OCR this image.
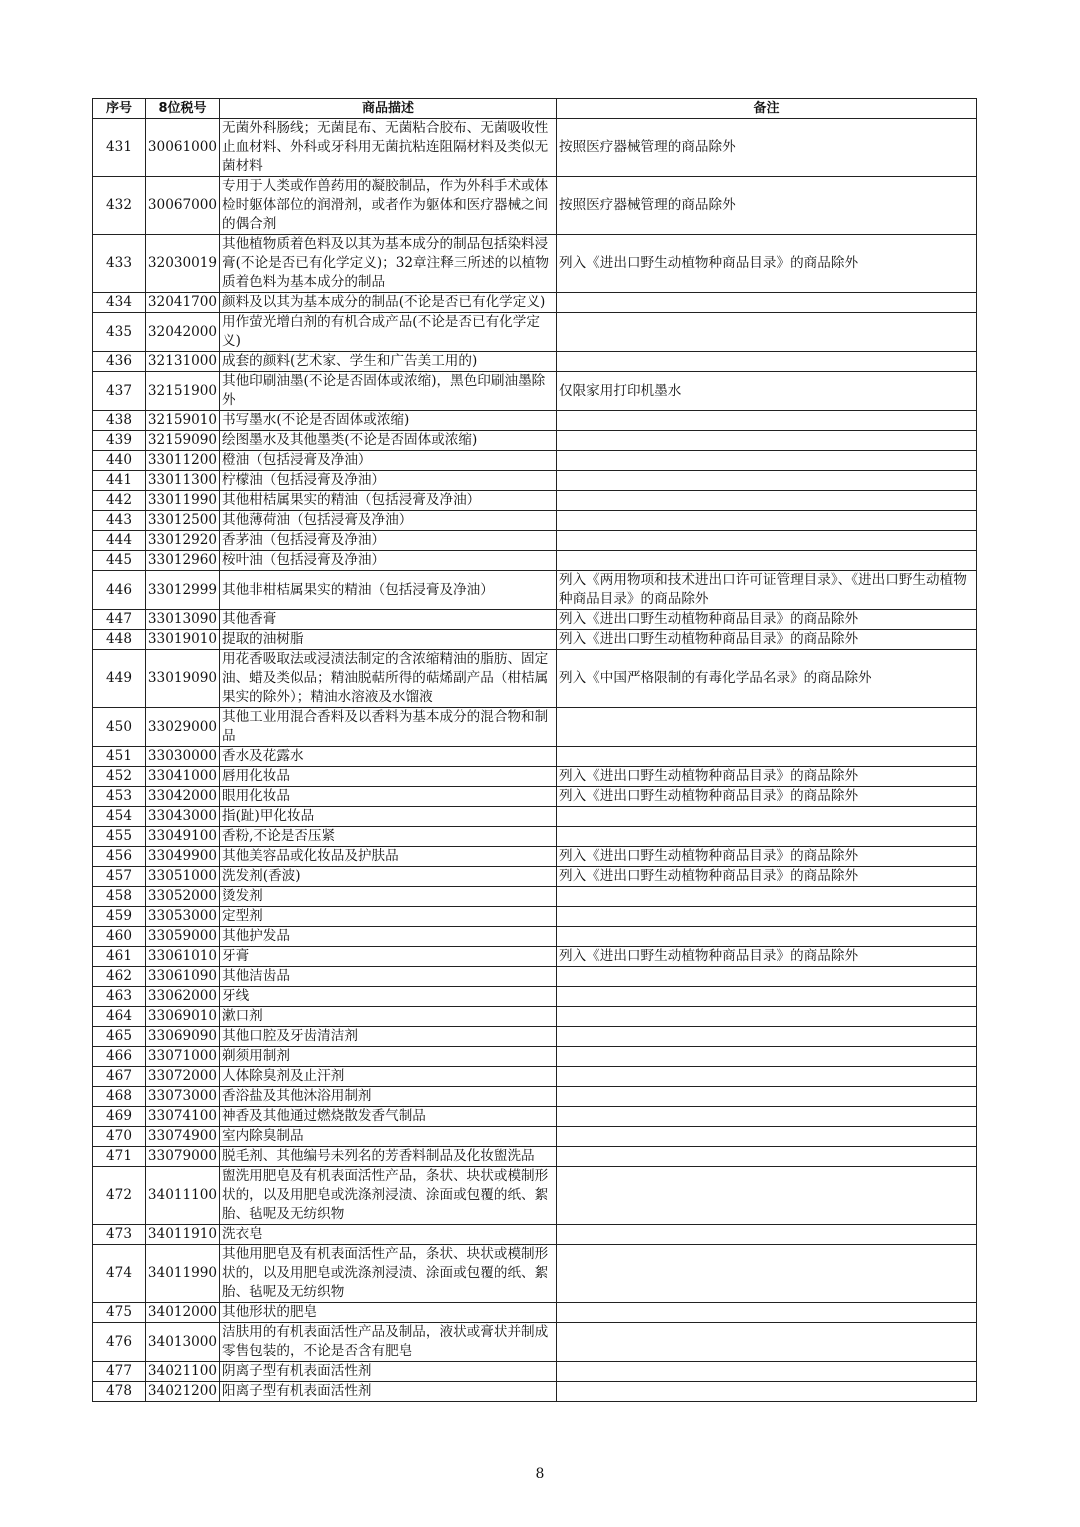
序号	8位税号	商品描述	备注
431	30061000	无菌外科肠线；无菌昆布、无菌粘合胶布、无菌吸收性止血材料、外科或牙科用无菌抗粘连阻隔材料及类似无菌材料	按照医疗器械管理的商品除外
432	30067000	专用于人类或作兽药用的凝胶制品，作为外科手术或体检时躯体部位的润滑剂，或者作为躯体和医疗器械之间的偶合剂	按照医疗器械管理的商品除外
433	32030019	其他植物质着色料及以其为基本成分的制品包括染料浸膏(不论是否已有化学定义)；32章注释三所述的以植物质着色料为基本成分的制品	列入《进出口野生动植物种商品目录》的商品除外
434	32041700	颜料及以其为基本成分的制品(不论是否已有化学定义)	
435	32042000	用作萤光增白剂的有机合成产品(不论是否已有化学定义)	
436	32131000	成套的颜料(艺术家、学生和广告美工用的)	
437	32151900	其他印刷油墨(不论是否固体或浓缩)，黑色印刷油墨除外	仅限家用打印机墨水
438	32159010	书写墨水(不论是否固体或浓缩)	
439	32159090	绘图墨水及其他墨类(不论是否固体或浓缩)	
440	33011200	橙油（包括浸膏及净油）	
441	33011300	柠檬油（包括浸膏及净油）	
442	33011990	其他柑桔属果实的精油（包括浸膏及净油）	
443	33012500	其他薄荷油（包括浸膏及净油）	
444	33012920	香茅油（包括浸膏及净油）	
445	33012960	桉叶油（包括浸膏及净油）	
446	33012999	其他非柑桔属果实的精油（包括浸膏及净油）	列入《两用物项和技术进出口许可证管理目录》、《进出口野生动植物种商品目录》的商品除外
447	33013090	其他香膏	列入《进出口野生动植物种商品目录》的商品除外
448	33019010	提取的油树脂	列入《进出口野生动植物种商品目录》的商品除外
449	33019090	用花香吸取法或浸渍法制定的含浓缩精油的脂肪、固定油、蜡及类似品；精油脱萜所得的萜烯副产品（柑桔属果实的除外）；精油水溶液及水馏液	列入《中国严格限制的有毒化学品名录》的商品除外
450	33029000	其他工业用混合香料及以香料为基本成分的混合物和制品	
451	33030000	香水及花露水	
452	33041000	唇用化妆品	列入《进出口野生动植物种商品目录》的商品除外
453	33042000	眼用化妆品	列入《进出口野生动植物种商品目录》的商品除外
454	33043000	指(趾)甲化妆品	
455	33049100	香粉,不论是否压紧	
456	33049900	其他美容品或化妆品及护肤品	列入《进出口野生动植物种商品目录》的商品除外
457	33051000	洗发剂(香波)	列入《进出口野生动植物种商品目录》的商品除外
458	33052000	烫发剂	
459	33053000	定型剂	
460	33059000	其他护发品	
461	33061010	牙膏	列入《进出口野生动植物种商品目录》的商品除外
462	33061090	其他洁齿品	
463	33062000	牙线	
464	33069010	漱口剂	
465	33069090	其他口腔及牙齿清洁剂	
466	33071000	剃须用制剂	
467	33072000	人体除臭剂及止汗剂	
468	33073000	香浴盐及其他沐浴用制剂	
469	33074100	神香及其他通过燃烧散发香气制品	
470	33074900	室内除臭制品	
471	33079000	脱毛剂、其他编号未列名的芳香料制品及化妆盥洗品	
472	34011100	盥洗用肥皂及有机表面活性产品，条状、块状或模制形状的，以及用肥皂或洗涤剂浸渍、涂面或包覆的纸、絮胎、毡呢及无纺织物	
473	34011910	洗衣皂	
474	34011990	其他用肥皂及有机表面活性产品，条状、块状或模制形状的，以及用肥皂或洗涤剂浸渍、涂面或包覆的纸、絮胎、毡呢及无纺织物	
475	34012000	其他形状的肥皂	
476	34013000	洁肤用的有机表面活性产品及制品，液状或膏状并制成零售包装的，不论是否含有肥皂	
477	34021100	阴离子型有机表面活性剂	
478	34021200	阳离子型有机表面活性剂	
8
